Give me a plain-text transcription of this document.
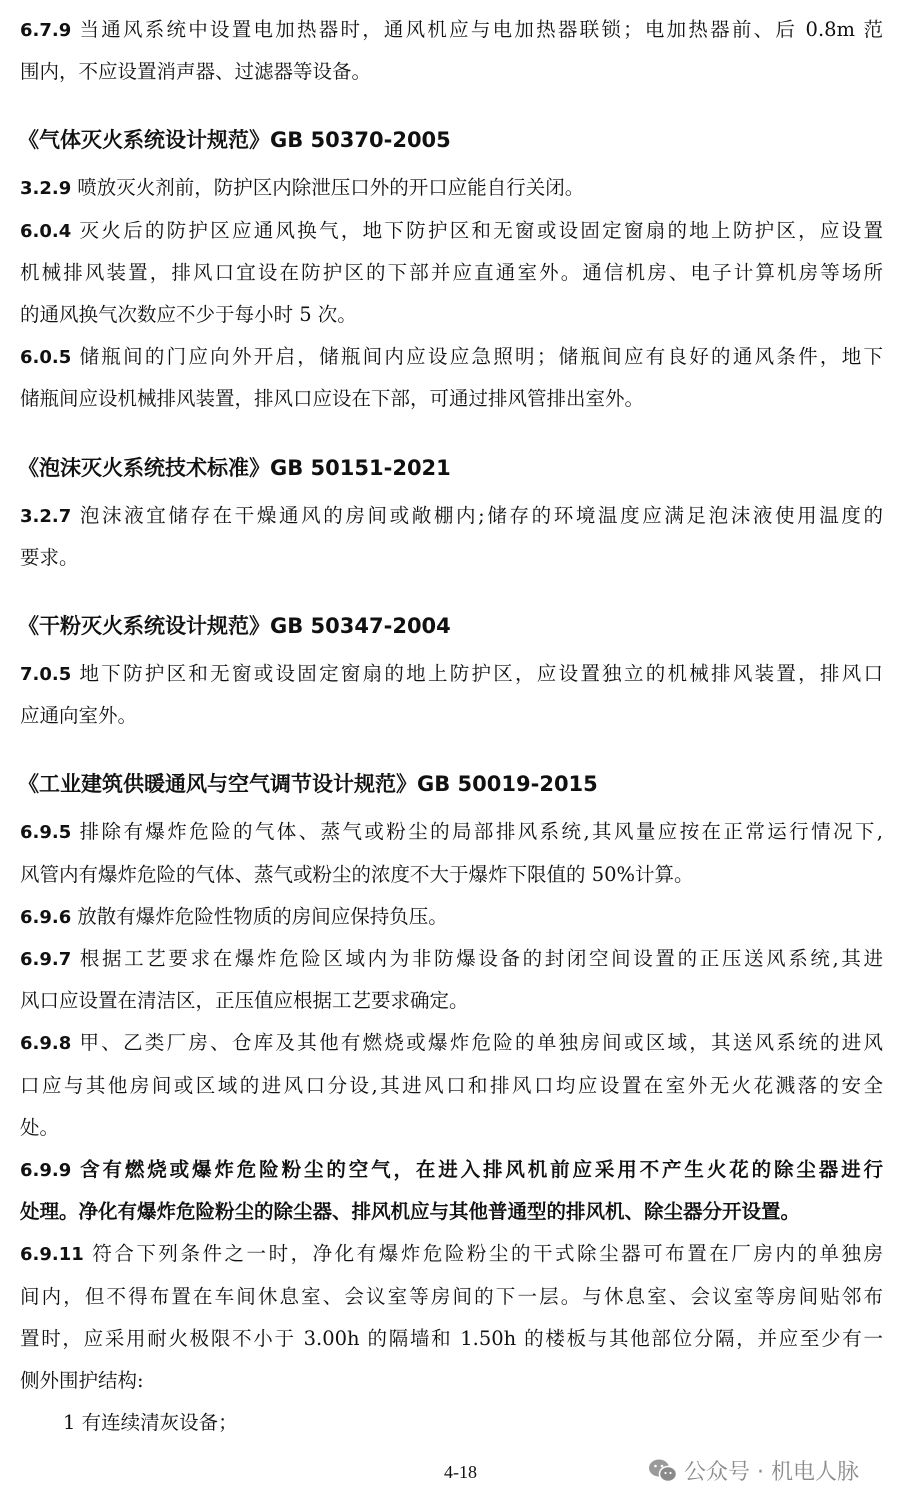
6.7.9 当通风系统中设置电加热器时，通风机应与电加热器联锁；电加热器前、后 0.8m 范
围内，不应设置消声器、过滤器等设备。
《气体灭火系统设计规范》GB 50370-2005
3.2.9 喷放灭火剂前，防护区内除泄压口外的开口应能自行关闭。
6.0.4 灭火后的防护区应通风换气，地下防护区和无窗或设固定窗扇的地上防护区，应设置
机械排风装置，排风口宜设在防护区的下部并应直通室外。通信机房、电子计算机房等场所
的通风换气次数应不少于每小时 5 次。
6.0.5 储瓶间的门应向外开启，储瓶间内应设应急照明；储瓶间应有良好的通风条件，地下
储瓶间应设机械排风装置，排风口应设在下部，可通过排风管排出室外。
《泡沫灭火系统技术标准》GB 50151-2021
3.2.7 泡沫液宜储存在干燥通风的房间或敞棚内;储存的环境温度应满足泡沫液使用温度的
要求。
《干粉灭火系统设计规范》GB 50347-2004
7.0.5 地下防护区和无窗或设固定窗扇的地上防护区，应设置独立的机械排风装置，排风口
应通向室外。
《工业建筑供暖通风与空气调节设计规范》GB 50019-2015
6.9.5 排除有爆炸危险的气体、蒸气或粉尘的局部排风系统,其风量应按在正常运行情况下,
风管内有爆炸危险的气体、蒸气或粉尘的浓度不大于爆炸下限值的 50%计算。
6.9.6 放散有爆炸危险性物质的房间应保持负压。
6.9.7 根据工艺要求在爆炸危险区域内为非防爆设备的封闭空间设置的正压送风系统,其进
风口应设置在清洁区，正压值应根据工艺要求确定。
6.9.8 甲、乙类厂房、仓库及其他有燃烧或爆炸危险的单独房间或区域，其送风系统的进风
口应与其他房间或区域的进风口分设,其进风口和排风口均应设置在室外无火花溅落的安全
处。
6.9.9 含有燃烧或爆炸危险粉尘的空气，在进入排风机前应采用不产生火花的除尘器进行
处理。净化有爆炸危险粉尘的除尘器、排风机应与其他普通型的排风机、除尘器分开设置。
6.9.11 符合下列条件之一时，净化有爆炸危险粉尘的干式除尘器可布置在厂房内的单独房
间内，但不得布置在车间休息室、会议室等房间的下一层。与休息室、会议室等房间贴邻布
置时，应采用耐火极限不小于 3.00h 的隔墙和 1.50h 的楼板与其他部位分隔，并应至少有一
侧外围护结构:
1 有连续清灰设备；
4-18	公众号 · 机电人脉
